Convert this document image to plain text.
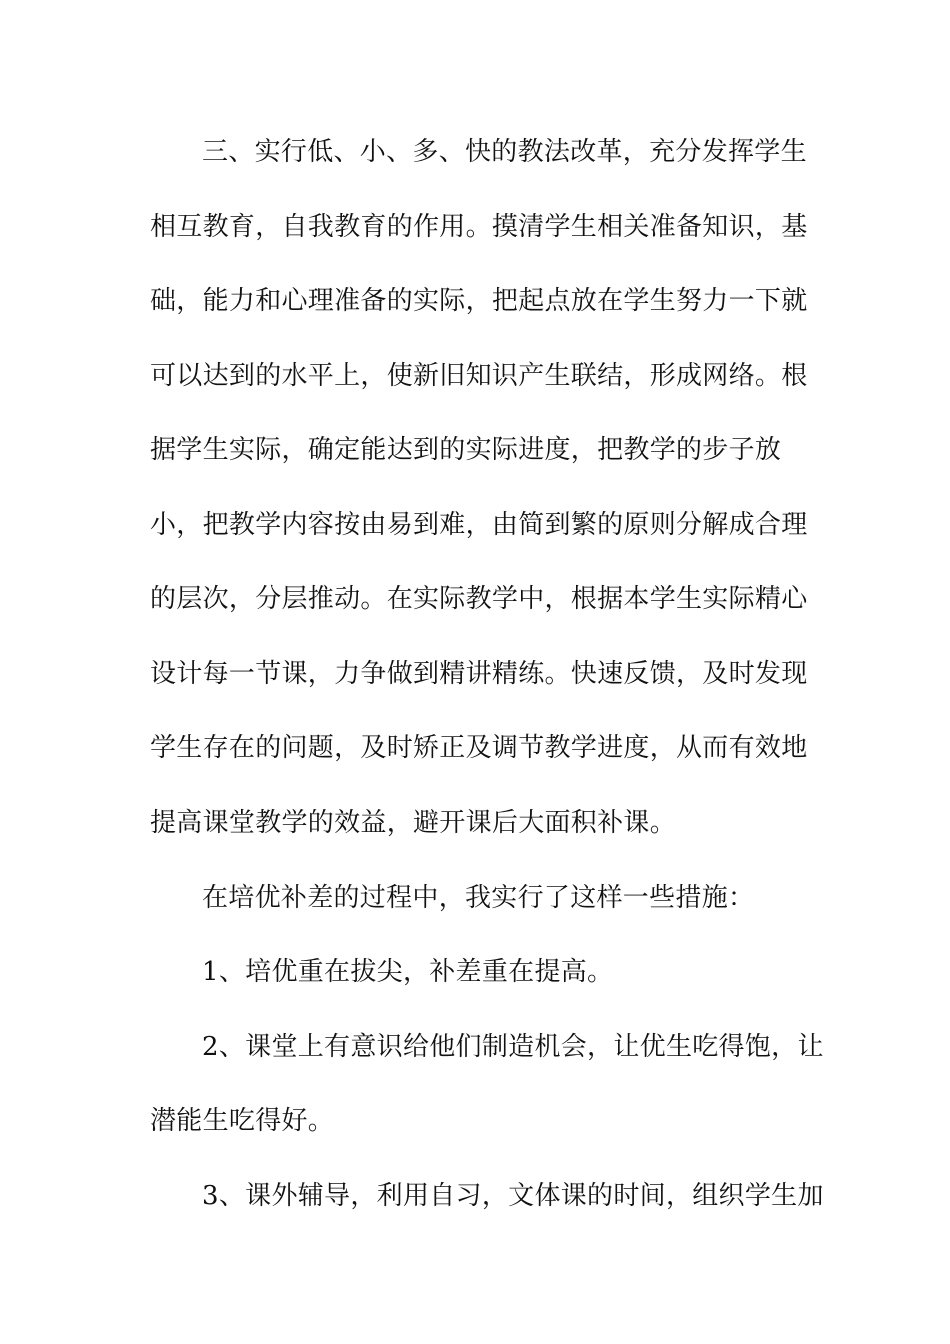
三、实行低、小、多、快的教法改革，充分发挥学生
相互教育，自我教育的作用。摸清学生相关准备知识，基
础，能力和心理准备的实际，把起点放在学生努力一下就
可以达到的水平上，使新旧知识产生联结，形成网络。根
据学生实际，确定能达到的实际进度，把教学的步子放
小，把教学内容按由易到难，由简到繁的原则分解成合理
的层次，分层推动。在实际教学中，根据本学生实际精心
设计每一节课，力争做到精讲精练。快速反馈，及时发现
学生存在的问题，及时矫正及调节教学进度，从而有效地
提高课堂教学的效益，避开课后大面积补课。
在培优补差的过程中，我实行了这样一些措施：
1、培优重在拔尖，补差重在提高。
2、课堂上有意识给他们制造机会，让优生吃得饱，让
潜能生吃得好。
3、课外辅导，利用自习，文体课的时间，组织学生加
